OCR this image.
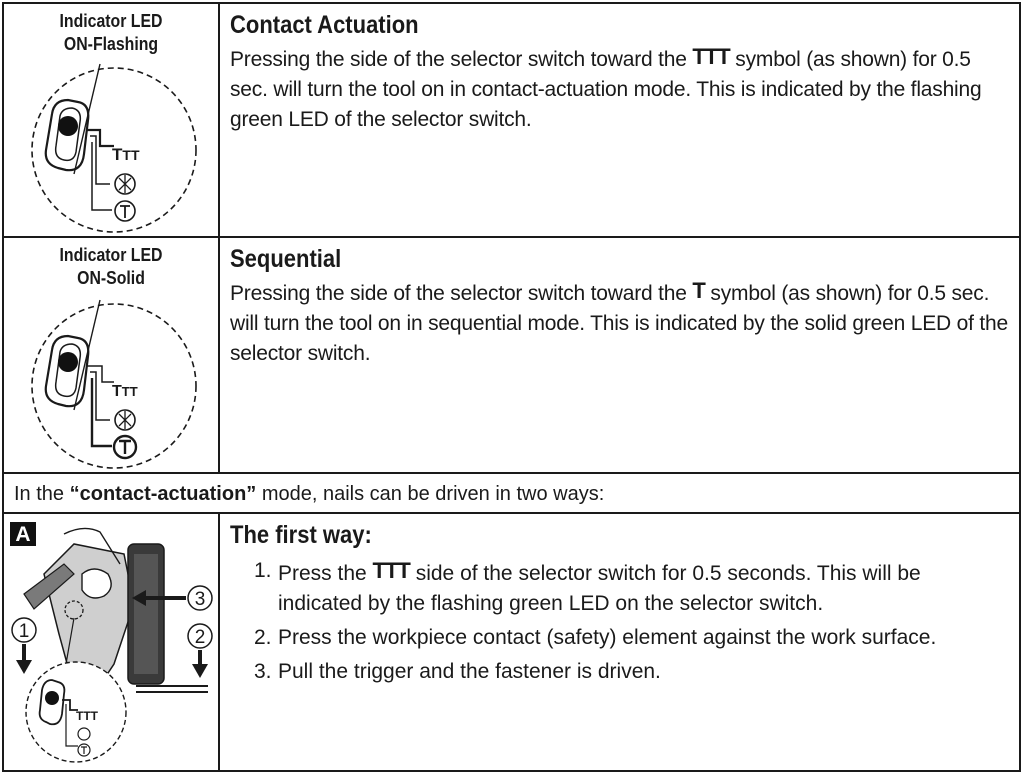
Indicator LED
ON-Flashing
TTT
Contact Actuation
Pressing the side of the selector switch toward the TTT symbol (as shown) for 0.5 sec. will turn the tool on in contact-actuation mode. This is indicated by the flashing green LED of the selector switch.
Indicator LED
ON-Solid
TTT
Sequential
Pressing the side of the selector switch toward the T symbol (as shown) for 0.5 sec. will turn the tool on in sequential mode. This is indicated by the solid green LED of the selector switch.
In the “contact-actuation” mode, nails can be driven in two ways:
A
3
2
1
TTT
The first way:
1. Press the TTT side of the selector switch for 0.5 seconds. This will be indicated by the flashing green LED on the selector switch.
2. Press the workpiece contact (safety) element against the work surface.
3. Pull the trigger and the fastener is driven.
